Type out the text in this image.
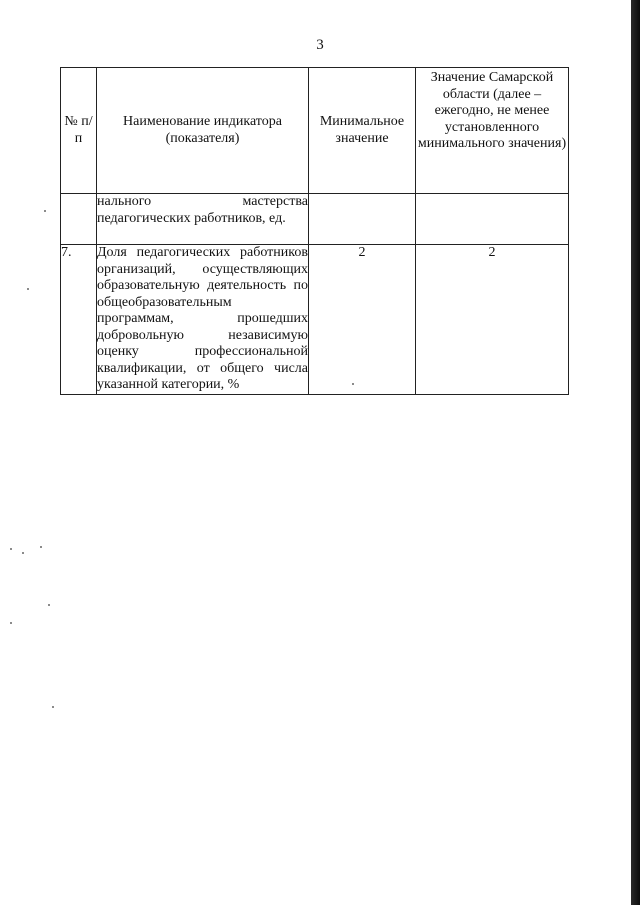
3
№ п/п	Наименование индикатора (показателя)	Минимальное значение	Значение Самарской области (далее – ежегодно, не менее установленного минимального значения)
	нального мастерства педагогических работников, ед.		
7.	Доля педагогических работников организаций, осуществляющих образовательную деятельность по общеобразовательным программам, прошедших добровольную независимую оценку профессиональной квалификации, от общего числа указанной категории, %	2	2
